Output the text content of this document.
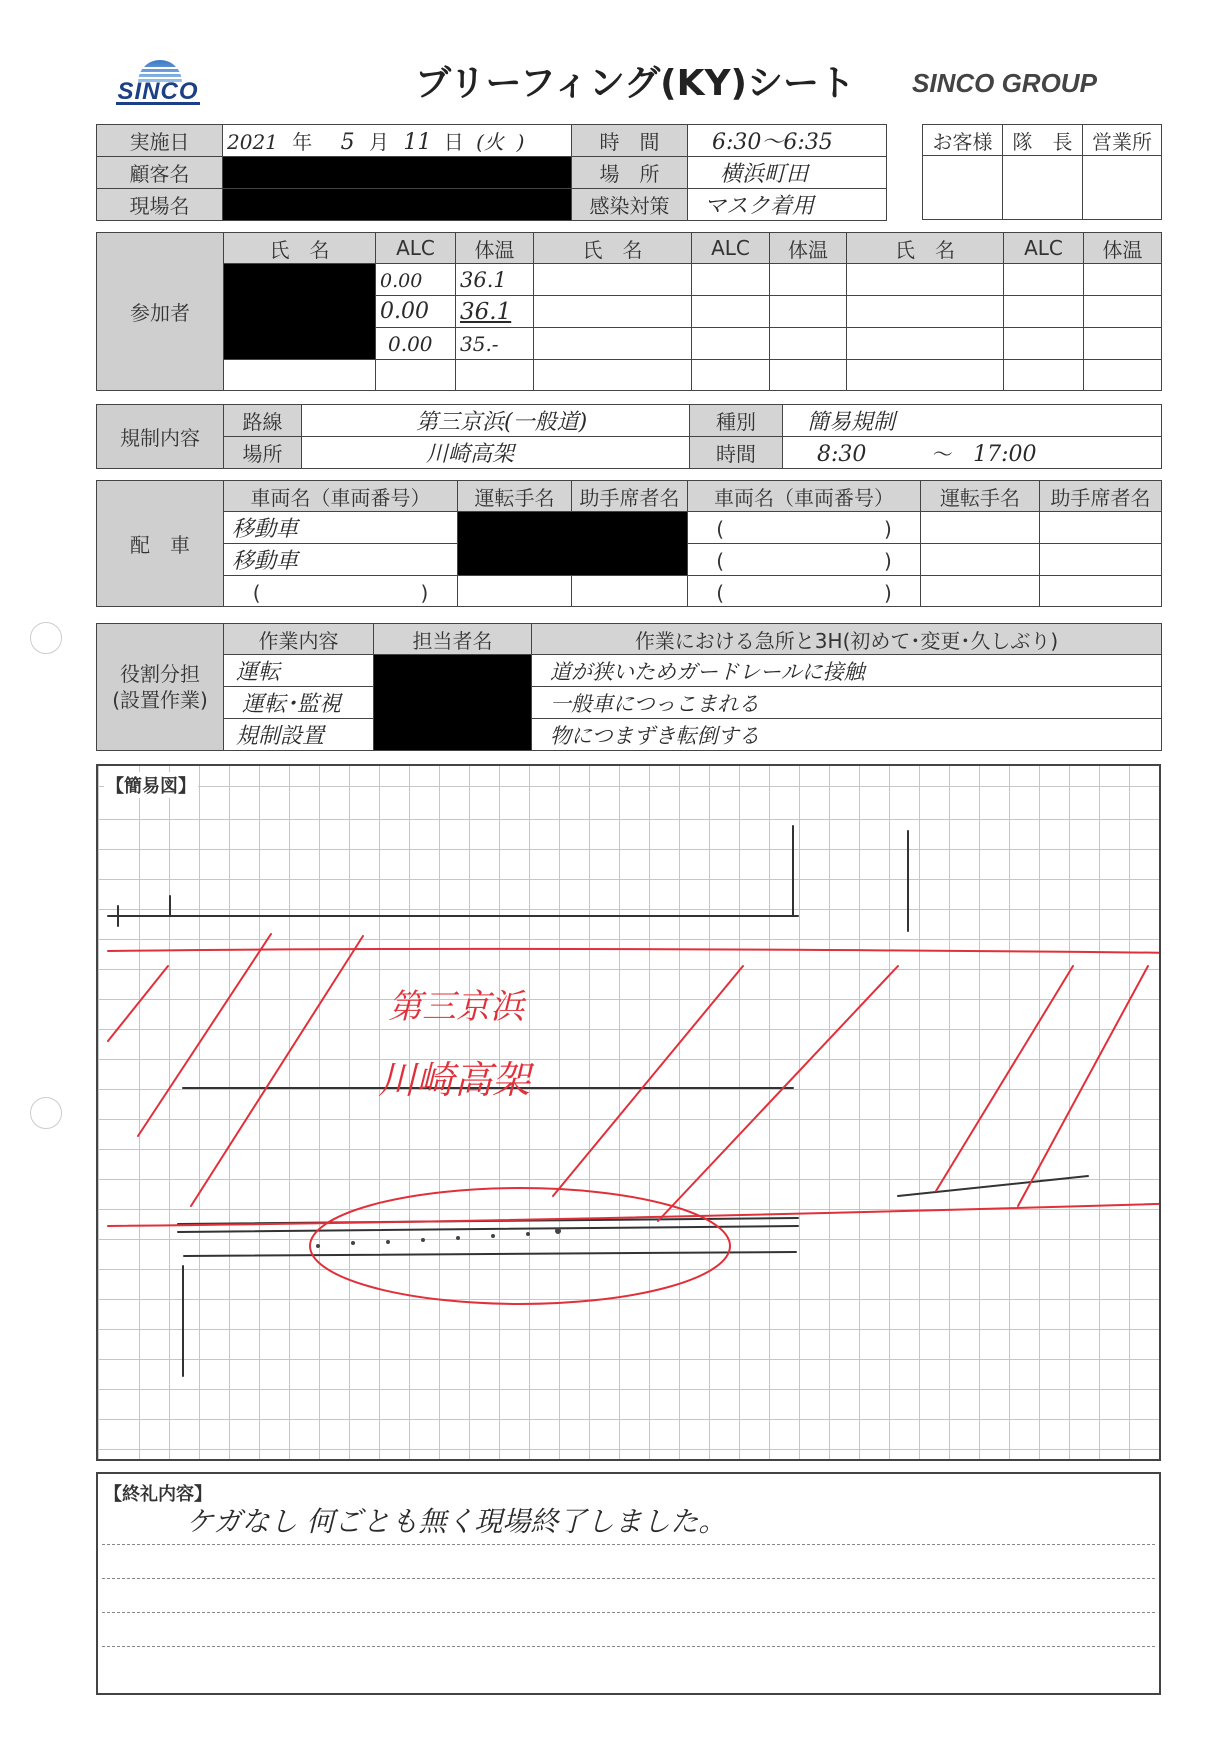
SINCO	ブリーフィング(KY)シート	SINCO GROUP
実施日	2021 年 5 月 11 日 (火  )	時　間	6:30〜6:35
顧客名		場　所	横浜町田
現場名		感染対策	マスク着用
お客様	隊　長	営業所

参加者	氏　名	ALC	体温	氏　名	ALC	体温	氏　名	ALC	体温
		0.00	36.1						
		0.00	36.1						
		0.00	35.-						

規制内容	路線	第三京浜(一般道)	種別	簡易規制
	場所	川崎高架	時間	8:30 〜 17:00
配　車	車両名（車両番号）	運転手名	助手席者名	車両名（車両番号）	運転手名	助手席者名
	移動車			(　　　　　　　　)		
	移動車			(　　　　　　　　)		
	(　　　　　　　　)			(　　　　　　　　)		
役割分担
(設置作業)	作業内容	担当者名	作業における急所と3H(初めて･変更･久しぶり)
	運転		道が狭いためガードレールに接触
	運転･監視		一般車につっこまれる
	規制設置		物につまずき転倒する
【簡易図】
第三京浜
川崎高架
【終礼内容】
ケガなし 何ごとも無く現場終了しました。
